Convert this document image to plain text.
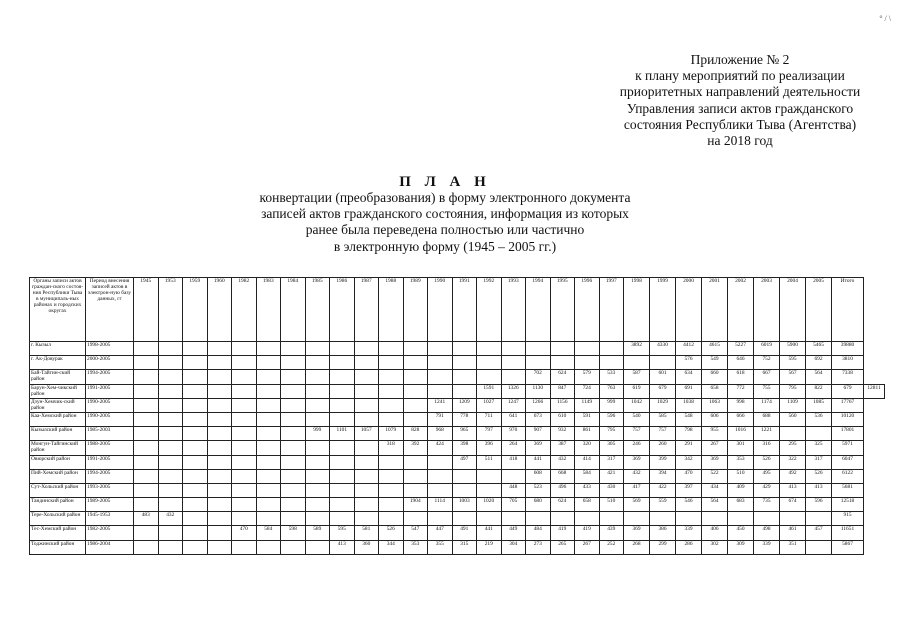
° / \
Приложение № 2
к плану мероприятий по реализации
приоритетных направлений деятельности
Управления записи актов гражданского
состояния Республики Тыва (Агентства)
на 2018 год
П Л А Н
конвертации (преобразования) в форму электронного документа
записей актов гражданского состояния, информация из которых
ранее была переведена полностью или частично
в электронную форму (1945 – 2005 гг.)
Органы записи актов граждан-ского состоя-ния Республики Тыва в муниципаль-ных районах и городских округах	Период внесения записей актов в электрон-ную базу данных, гг	1945	1953	1959	1960	1982	1983	1984	1985	1986	1987	1988	1989	1990	1991	1992	1993	1994	1995	1996	1997	1998	1999	2000	2001	2002	2003	2004	2005	Итого	
г. Кызыл	1998-2005																					3892	4330	4412	4615	5227	6019	5900	5465	39880	
г. Ак-Довурак	2000-2005																							576	549	646	752	595	692	3810	
Бай-Тайгин-ский район	1994-2005																	702	624	579	533	587	601	634	660	618	667	567	564	7338	
Барун-Хем-чикский район	1991-2005															1591	1326	1130	847	724	763	619	679	691	658	772	755	795	822	679	12811
Дзун-Хемчик-ский район	1990-2005													1241	1209	1027	1247	1266	1156	1149	999	1042	1029	1038	1063	998	1174	1109	1085	17767	
Каа-Хемский район	1990-2005													791	778	711	641	673	610	591	596	540	585	548	606	666	688	560	536	10120	
Кызылский район	1985-2003								999	1101	1057	1079	828	968	965	797	970	907	932	861	795	757	757	798	955	1016	1221			17801	
Монгун-Тайгинский район	1988-2005											318	392	424	398	396	264	369	387	320	305	246	260	291	267	301	316	295	325	5971	
Овюрский район	1991-2005														497	511	418	441	432	414	317	369	399	342	369	353	526	322	317	6047	
Пий-Хемский район	1994-2005																	608	668	584	421	432	394	470	522	510	495	492	526	6122	
Сут-Хольский район	1993-2005																448	523	496	433	430	417	422	397	434	409	429	413	413	5681	
Тандинский район	1989-2005												1904	1114	1003	1020	705	680	624	658	510	569	559	546	564	683	735	674	596	12518	
Тере-Хольский район	1945-1953	483	432																											915	
Тес-Хемский район	1982-2005					470	584	598	589	595	581	526	547	447	491	441	449	484	419	419	439	369	386	339	406	450	498	461	457	11651	
Тоджинский район	1986-2004									413	360	344	353	355	315	219	304	273	265	267	252	268	299	286	302	309	339	351		5867	
